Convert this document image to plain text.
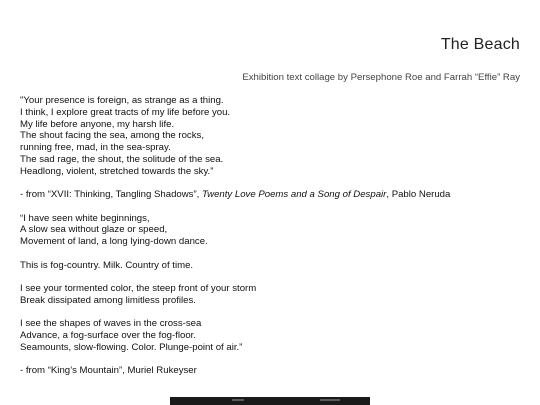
The Beach
Exhibition text collage by Persephone Roe and Farrah “Effie” Ray
"Your presence is foreign, as strange as a thing.
I think, I explore great tracts of my life before you.
My life before anyone, my harsh life.
The shout facing the sea, among the rocks,
running free, mad, in the sea-spray.
The sad rage, the shout, the solitude of the sea.
Headlong, violent, stretched towards the sky.”
- from “XVII: Thinking, Tangling Shadows”, Twenty Love Poems and a Song of Despair, Pablo Neruda
“I have seen white beginnings,
A slow sea without glaze or speed,
Movement of land, a long lying-down dance.
This is fog-country. Milk. Country of time.
I see your tormented color, the steep front of your storm
Break dissipated among limitless profiles.
I see the shapes of waves in the cross-sea
Advance, a fog-surface over the fog-floor.
Seamounts, slow-flowing. Color. Plunge-point of air.”
- from “King’s Mountain”, Muriel Rukeyser
